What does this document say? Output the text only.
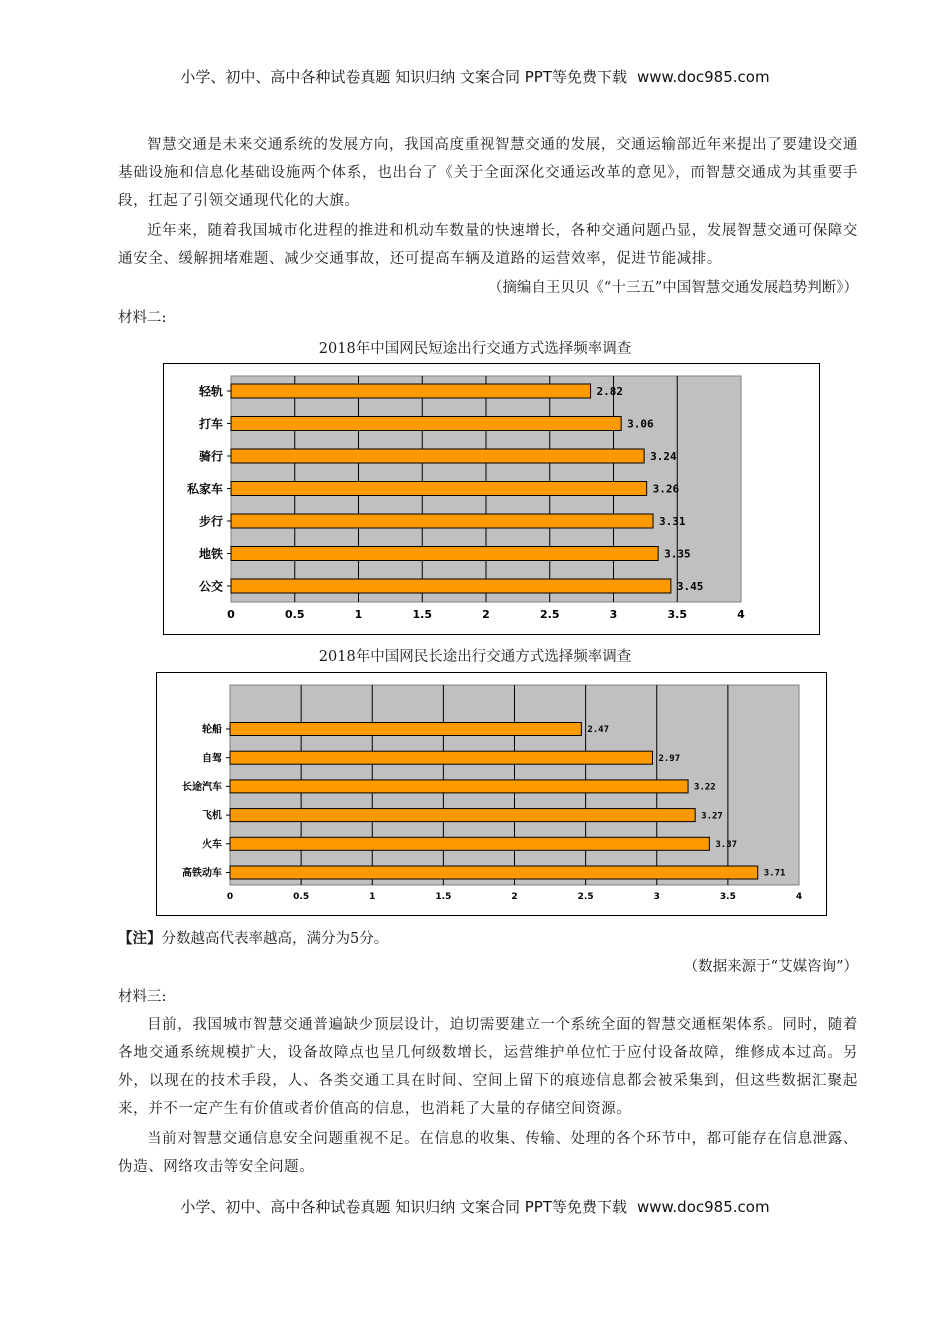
小学、初中、高中各种试卷真题 知识归纳 文案合同 PPT等免费下载 www.doc985.com

智慧交通是未来交通系统的发展方向，我国高度重视智慧交通的发展，交通运输部近年来提出了要建设交通基础设施和信息化基础设施两个体系，也出台了《关于全面深化交通运改革的意见》，而智慧交通成为其重要手段，扛起了引领交通现代化的大旗。

近年来，随着我国城市化进程的推进和机动车数量的快速增长，各种交通问题凸显，发展智慧交通可保障交通安全、缓解拥堵难题、减少交通事故，还可提高车辆及道路的运营效率，促进节能减排。

（摘编自王贝贝《“十三五”中国智慧交通发展趋势判断》）

材料二:

2018年中国网民短途出行交通方式选择频率调查

0	0.5	1	1.5	2	2.5	3	3.5	4
轻轨	2.82
打车	3.06
骑行	3.24
私家车	3.26
步行	3.31
地铁	3.35
公交	3.45

2018年中国网民长途出行交通方式选择频率调查

0	0.5	1	1.5	2	2.5	3	3.5	4
轮船	2.47
自驾	2.97
长途汽车	3.22
飞机	3.27
火车	3.37
高铁动车	3.71

【注】分数越高代表率越高，满分为5分。

（数据来源于“艾媒咨询”）

材料三:

目前，我国城市智慧交通普遍缺少顶层设计，迫切需要建立一个系统全面的智慧交通框架体系。同时，随着各地交通系统规模扩大，设备故障点也呈几何级数增长，运营维护单位忙于应付设备故障，维修成本过高。另外，以现在的技术手段，人、各类交通工具在时间、空间上留下的痕迹信息都会被采集到，但这些数据汇聚起来，并不一定产生有价值或者价值高的信息，也消耗了大量的存储空间资源。

当前对智慧交通信息安全问题重视不足。在信息的收集、传输、处理的各个环节中，都可能存在信息泄露、伪造、网络攻击等安全问题。

小学、初中、高中各种试卷真题 知识归纳 文案合同 PPT等免费下载 www.doc985.com
